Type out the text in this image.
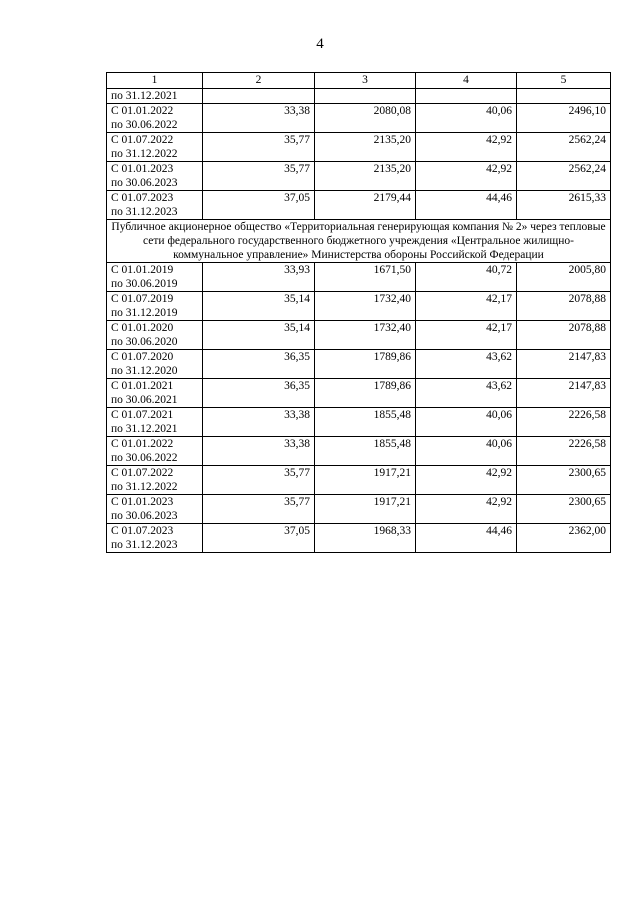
4
1	2	3	4	5

по 31.12.2021				

С 01.01.2022
по 30.06.2022	33,38	2080,08	40,06	2496,10

С 01.07.2022
по 31.12.2022	35,77	2135,20	42,92	2562,24

С 01.01.2023
по 30.06.2023	35,77	2135,20	42,92	2562,24

С 01.07.2023
по 31.12.2023	37,05	2179,44	44,46	2615,33
Публичное акционерное общество «Территориальная генерирующая компания № 2» через тепловые сети федерального государственного бюджетного учреждения «Центральное жилищно-коммунальное управление» Министерства обороны Российской Федерации				

С 01.01.2019
по 30.06.2019	33,93	1671,50	40,72	2005,80

С 01.07.2019
по 31.12.2019	35,14	1732,40	42,17	2078,88

С 01.01.2020
по 30.06.2020	35,14	1732,40	42,17	2078,88

С 01.07.2020
по 31.12.2020	36,35	1789,86	43,62	2147,83

С 01.01.2021
по 30.06.2021	36,35	1789,86	43,62	2147,83

С 01.07.2021
по 31.12.2021	33,38	1855,48	40,06	2226,58

С 01.01.2022
по 30.06.2022	33,38	1855,48	40,06	2226,58

С 01.07.2022
по 31.12.2022	35,77	1917,21	42,92	2300,65

С 01.01.2023
по 30.06.2023	35,77	1917,21	42,92	2300,65

С 01.07.2023
по 31.12.2023	37,05	1968,33	44,46	2362,00
